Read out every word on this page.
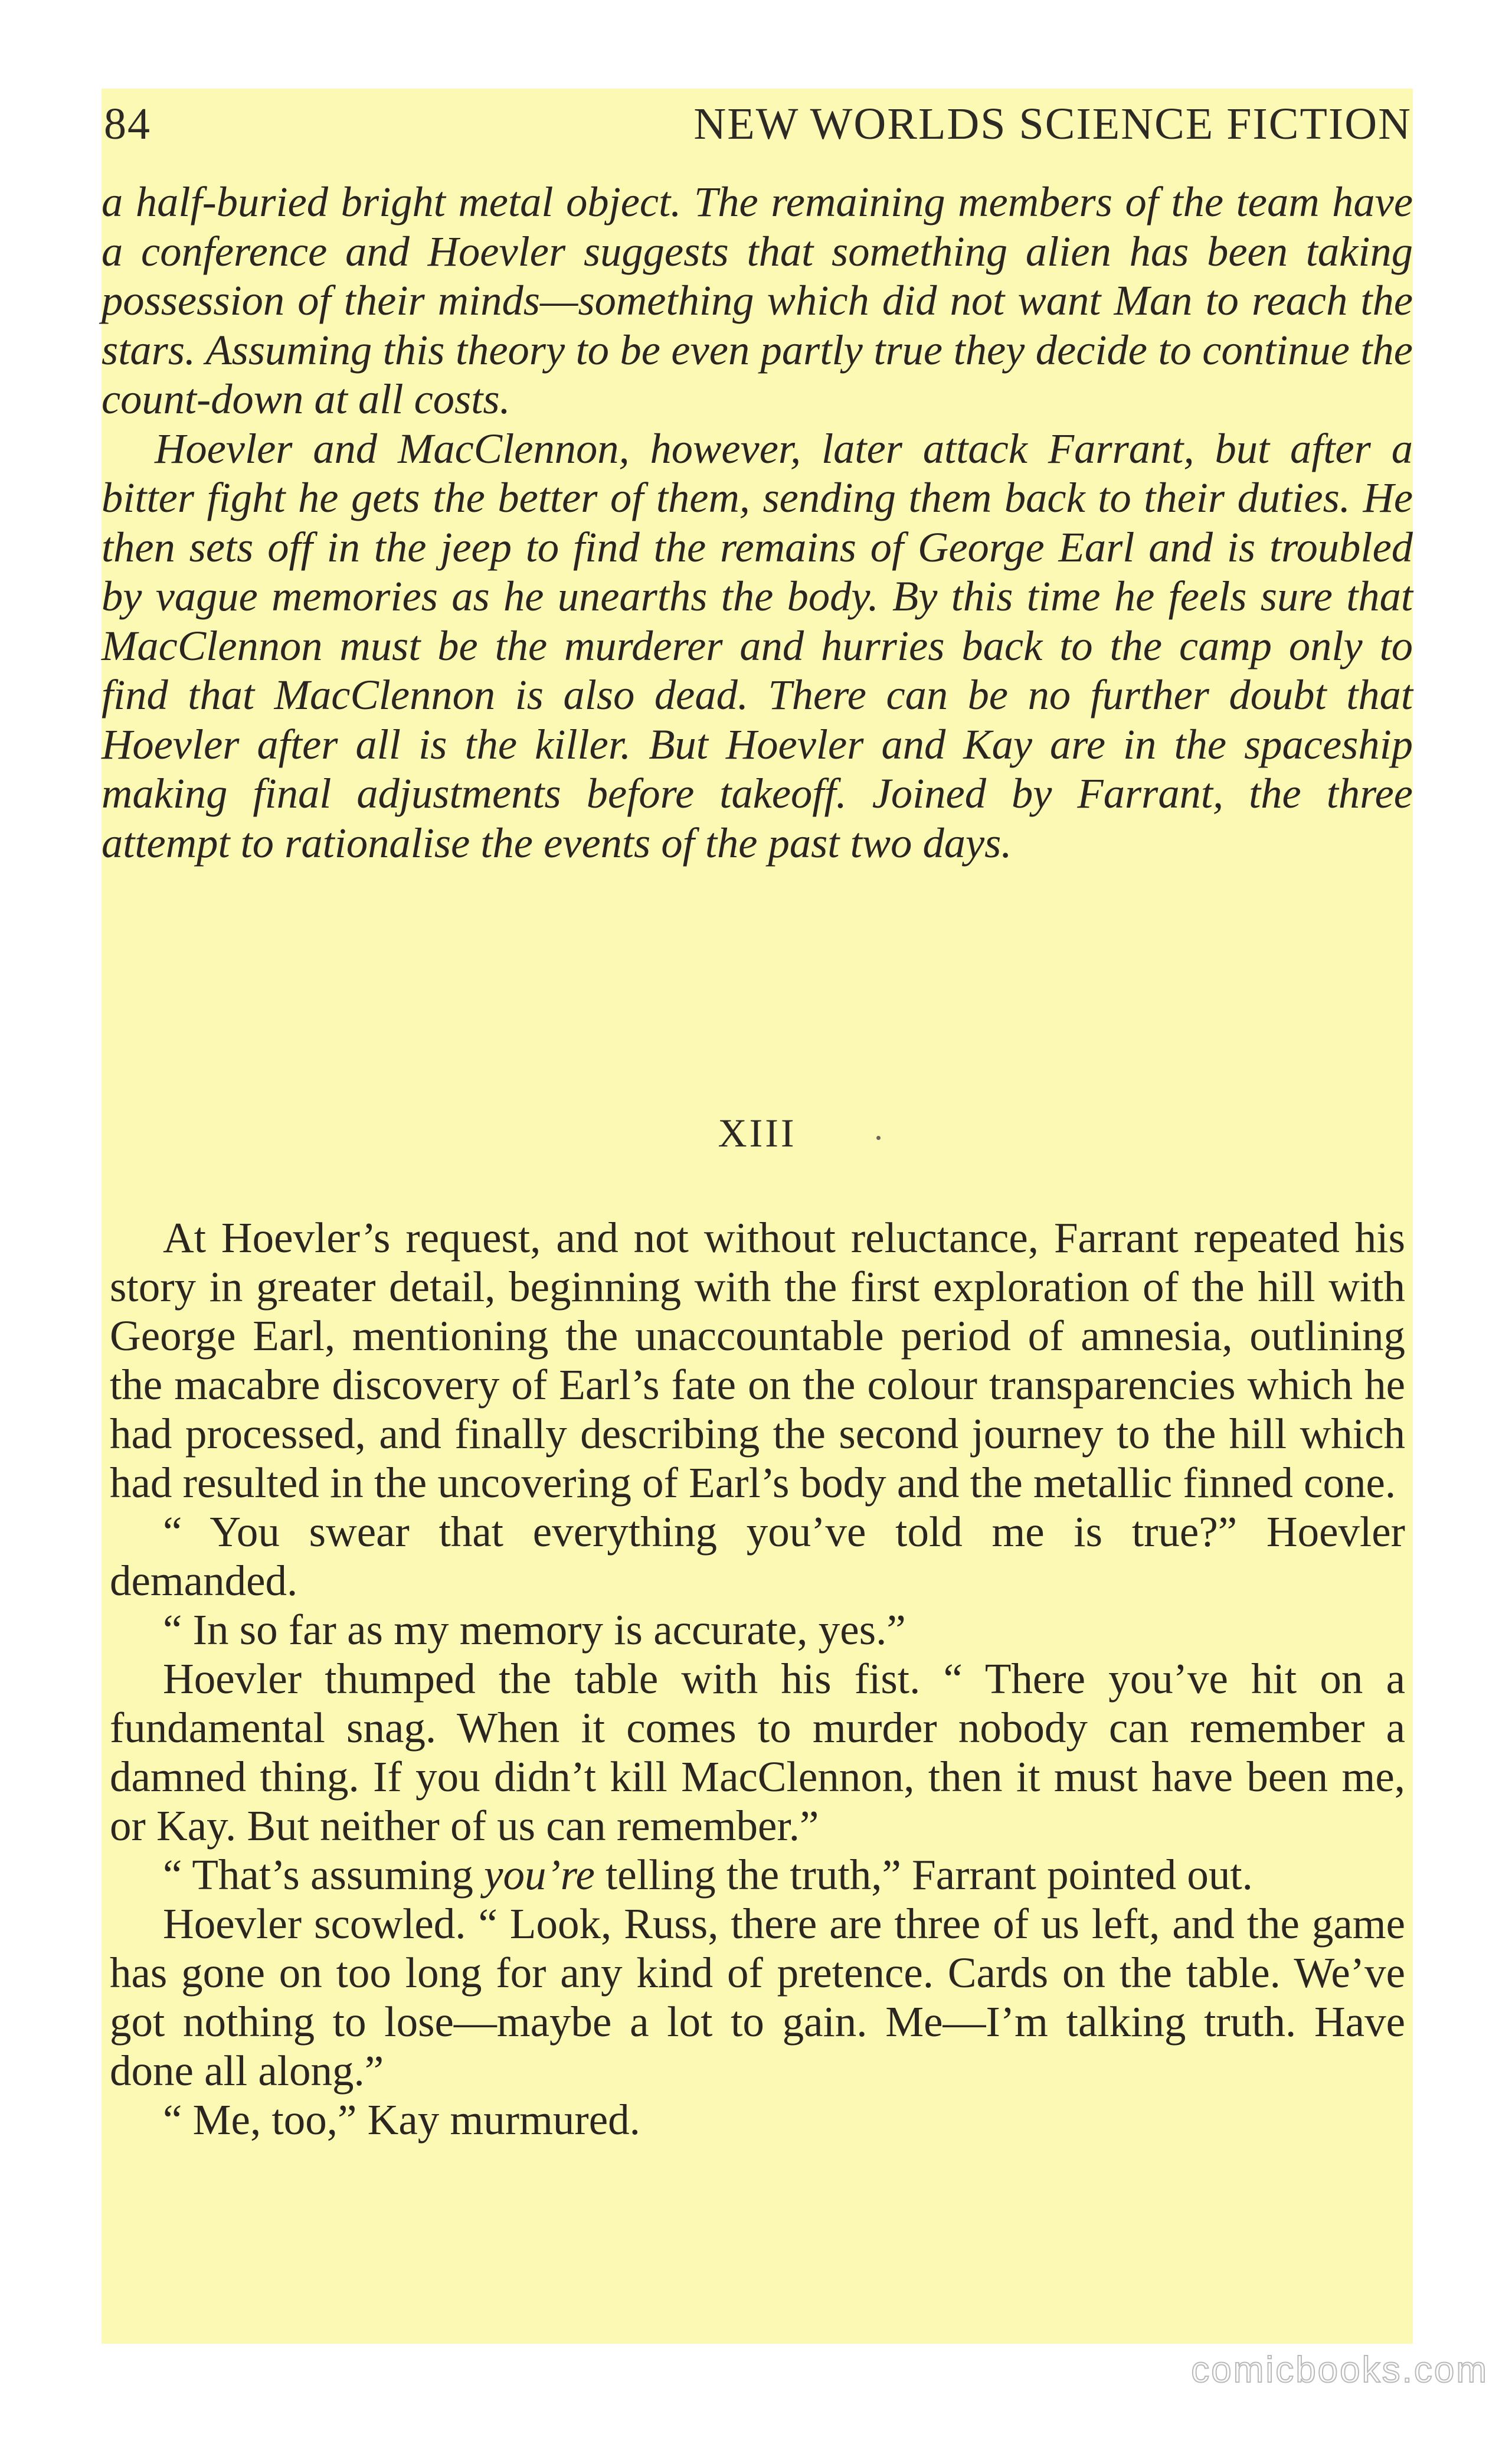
84	NEW WORLDS SCIENCE FICTION

a half-buried bright metal object. The remaining members of the team have a conference and Hoevler suggests that something alien has been taking possession of their minds—something which did not want Man to reach the stars. Assuming this theory to be even partly true they decide to continue the count-down at all costs.

Hoevler and MacClennon, however, later attack Farrant, but after a bitter fight he gets the better of them, sending them back to their duties. He then sets off in the jeep to find the remains of George Earl and is troubled by vague memories as he unearths the body. By this time he feels sure that MacClennon must be the murderer and hurries back to the camp only to find that MacClennon is also dead. There can be no further doubt that Hoevler after all is the killer. But Hoevler and Kay are in the spaceship making final adjustments before takeoff. Joined by Farrant, the three attempt to rationalise the events of the past two days.

XIII

At Hoevler’s request, and not without reluctance, Farrant repeated his story in greater detail, beginning with the first exploration of the hill with George Earl, mentioning the unaccountable period of amnesia, outlining the macabre discovery of Earl’s fate on the colour transparencies which he had processed, and finally describing the second journey to the hill which had resulted in the uncovering of Earl’s body and the metallic finned cone.

“ You swear that everything you’ve told me is true?” Hoevler demanded.

“ In so far as my memory is accurate, yes.”

Hoevler thumped the table with his fist. “ There you’ve hit on a fundamental snag. When it comes to murder nobody can remember a damned thing. If you didn’t kill MacClennon, then it must have been me, or Kay. But neither of us can remember.”

“ That’s assuming you’re telling the truth,” Farrant pointed out.

Hoevler scowled. “ Look, Russ, there are three of us left, and the game has gone on too long for any kind of pretence. Cards on the table. We’ve got nothing to lose—maybe a lot to gain. Me—I’m talking truth. Have done all along.”

“ Me, too,” Kay murmured.

comicbooks.com
